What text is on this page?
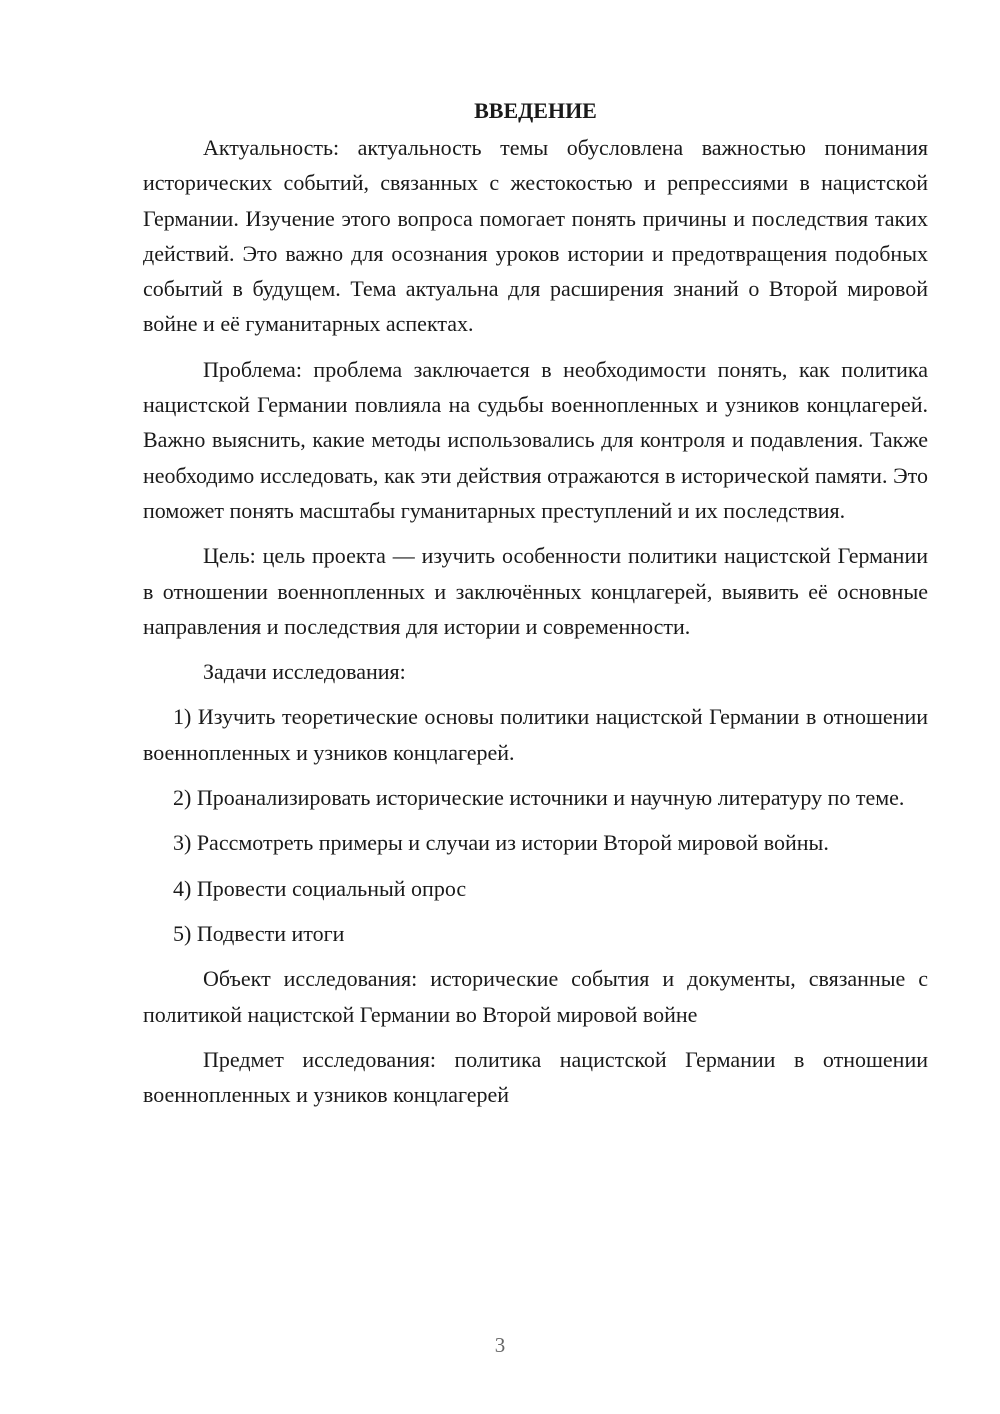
ВВЕДЕНИЕ

Актуальность: актуальность темы обусловлена важностью понимания исторических событий, связанных с жестокостью и репрессиями в нацистской Германии. Изучение этого вопроса помогает понять причины и последствия таких действий. Это важно для осознания уроков истории и предотвращения подобных событий в будущем. Тема актуальна для расширения знаний о Второй мировой войне и её гуманитарных аспектах.

Проблема: проблема заключается в необходимости понять, как политика нацистской Германии повлияла на судьбы военнопленных и узников концлагерей. Важно выяснить, какие методы использовались для контроля и подавления. Также необходимо исследовать, как эти действия отражаются в исторической памяти. Это поможет понять масштабы гуманитарных преступлений и их последствия.

Цель: цель проекта — изучить особенности политики нацистской Германии в отношении военнопленных и заключённых концлагерей, выявить её основные направления и последствия для истории и современности.

Задачи исследования:

1) Изучить теоретические основы политики нацистской Германии в отношении военнопленных и узников концлагерей.

2) Проанализировать исторические источники и научную литературу по теме.

3) Рассмотреть примеры и случаи из истории Второй мировой войны.

4) Провести социальный опрос

5) Подвести итоги

Объект исследования: исторические события и документы, связанные с политикой нацистской Германии во Второй мировой войне

Предмет исследования: политика нацистской Германии в отношении военнопленных и узников концлагерей

3
